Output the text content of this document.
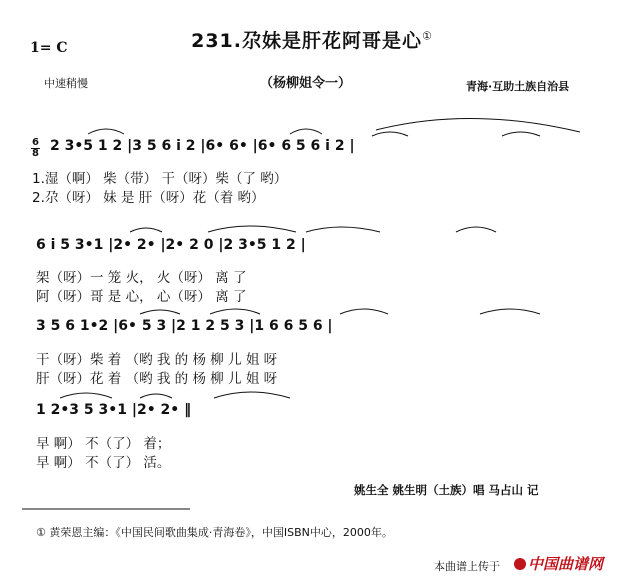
231.尕妹是肝花阿哥是心①
1= C
中速稍慢	（杨柳姐令一）	青海·互助土族自治县
6
8 2 3•5 1 2 |3 5 6 i 2 |6• 6• |6• 6 5 6 i 2 |
1.湿（啊） 柴（带） 干（呀）柴（了 哟）
2.尕（呀） 妹 是 肝（呀）花（着 哟）
6 i 5 3•1 |2• 2• |2• 2 0 |2 3•5 1 2 |
架（呀）一 笼 火， 火（呀） 离 了
阿（呀）哥 是 心， 心（呀） 离 了
3 5 6 1•2 |6• 5 3 |2 1 2 5 3 |1 6 6 5 6 |
干（呀）柴 着 （哟 我 的 杨 柳 儿 姐 呀
肝（呀）花 着 （哟 我 的 杨 柳 儿 姐 呀
1 2•3 5 3•1 |2• 2• ‖
早 啊） 不（了） 着；
早 啊） 不（了） 活。
姚生全 姚生明（土族）唱 马占山 记
① 黄荣恩主编：《中国民间歌曲集成·青海卷》，中国ISBN中心，2000年。
本曲谱上传于	中国曲谱网
